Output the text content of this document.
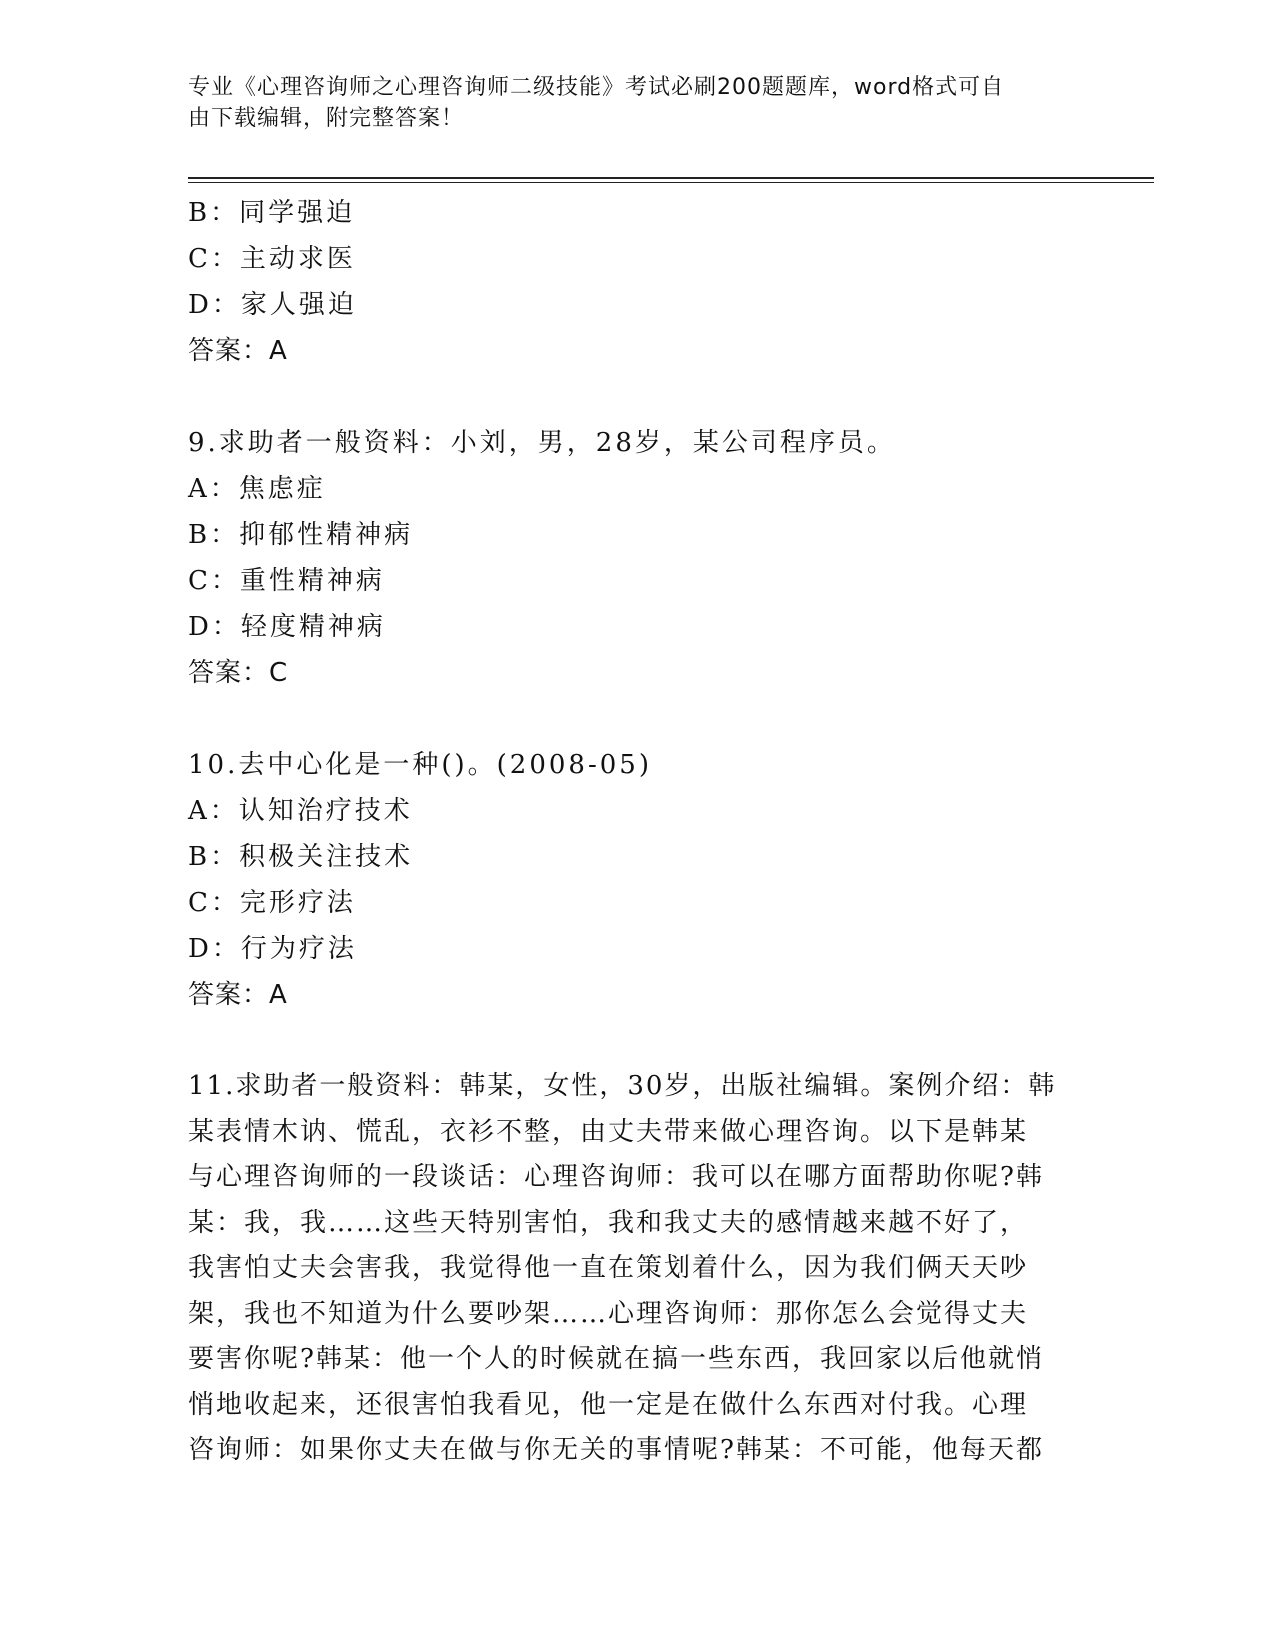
专业《心理咨询师之心理咨询师二级技能》考试必刷200题题库，word格式可自
由下载编辑，附完整答案！
B：同学强迫
C：主动求医
D：家人强迫
答案：A
9.求助者一般资料：小刘，男，28岁，某公司程序员。
A：焦虑症
B：抑郁性精神病
C：重性精神病
D：轻度精神病
答案：C
10.去中心化是一种()。(2008-05)
A：认知治疗技术
B：积极关注技术
C：完形疗法
D：行为疗法
答案：A
11.求助者一般资料：韩某，女性，30岁，出版社编辑。案例介绍：韩
某表情木讷、慌乱，衣衫不整，由丈夫带来做心理咨询。以下是韩某
与心理咨询师的一段谈话：心理咨询师：我可以在哪方面帮助你呢?韩
某：我，我……这些天特别害怕，我和我丈夫的感情越来越不好了，
我害怕丈夫会害我，我觉得他一直在策划着什么，因为我们俩天天吵
架，我也不知道为什么要吵架……心理咨询师：那你怎么会觉得丈夫
要害你呢?韩某：他一个人的时候就在搞一些东西，我回家以后他就悄
悄地收起来，还很害怕我看见，他一定是在做什么东西对付我。心理
咨询师：如果你丈夫在做与你无关的事情呢?韩某：不可能，他每天都
